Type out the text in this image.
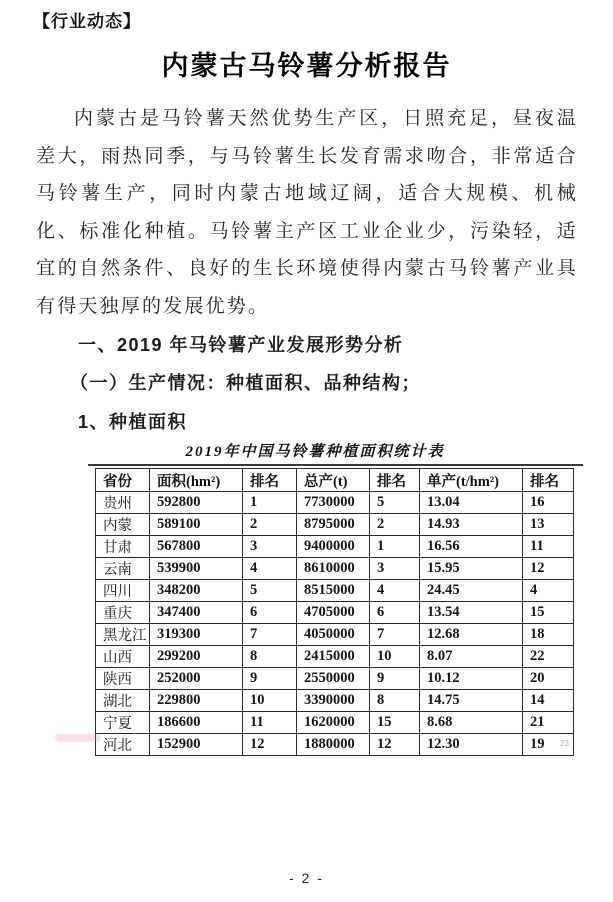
【行业动态】
内蒙古马铃薯分析报告

内蒙古是马铃薯天然优势生产区，日照充足，昼夜温差大，雨热同季，与马铃薯生长发育需求吻合，非常适合马铃薯生产，同时内蒙古地域辽阔，适合大规模、机械化、标准化种植。马铃薯主产区工业企业少，污染轻，适宜的自然条件、良好的生长环境使得内蒙古马铃薯产业具有得天独厚的发展优势。

一、2019 年马铃薯产业发展形势分析
（一）生产情况：种植面积、品种结构；
1、种植面积
2019年中国马铃薯种植面积统计表
省份	面积(hm²)	排名	总产(t)	排名	单产(t/hm²)	排名
贵州	592800	1	7730000	5	13.04	16
内蒙	589100	2	8795000	2	14.93	13
甘肃	567800	3	9400000	1	16.56	11
云南	539900	4	8610000	3	15.95	12
四川	348200	5	8515000	4	24.45	4
重庆	347400	6	4705000	6	13.54	15
黑龙江	319300	7	4050000	7	12.68	18
山西	299200	8	2415000	10	8.07	22
陕西	252000	9	2550000	9	10.12	20
湖北	229800	10	3390000	8	14.75	14
宁夏	186600	11	1620000	15	8.68	21
河北	152900	12	1880000	12	12.30	19 23
- 2 -
